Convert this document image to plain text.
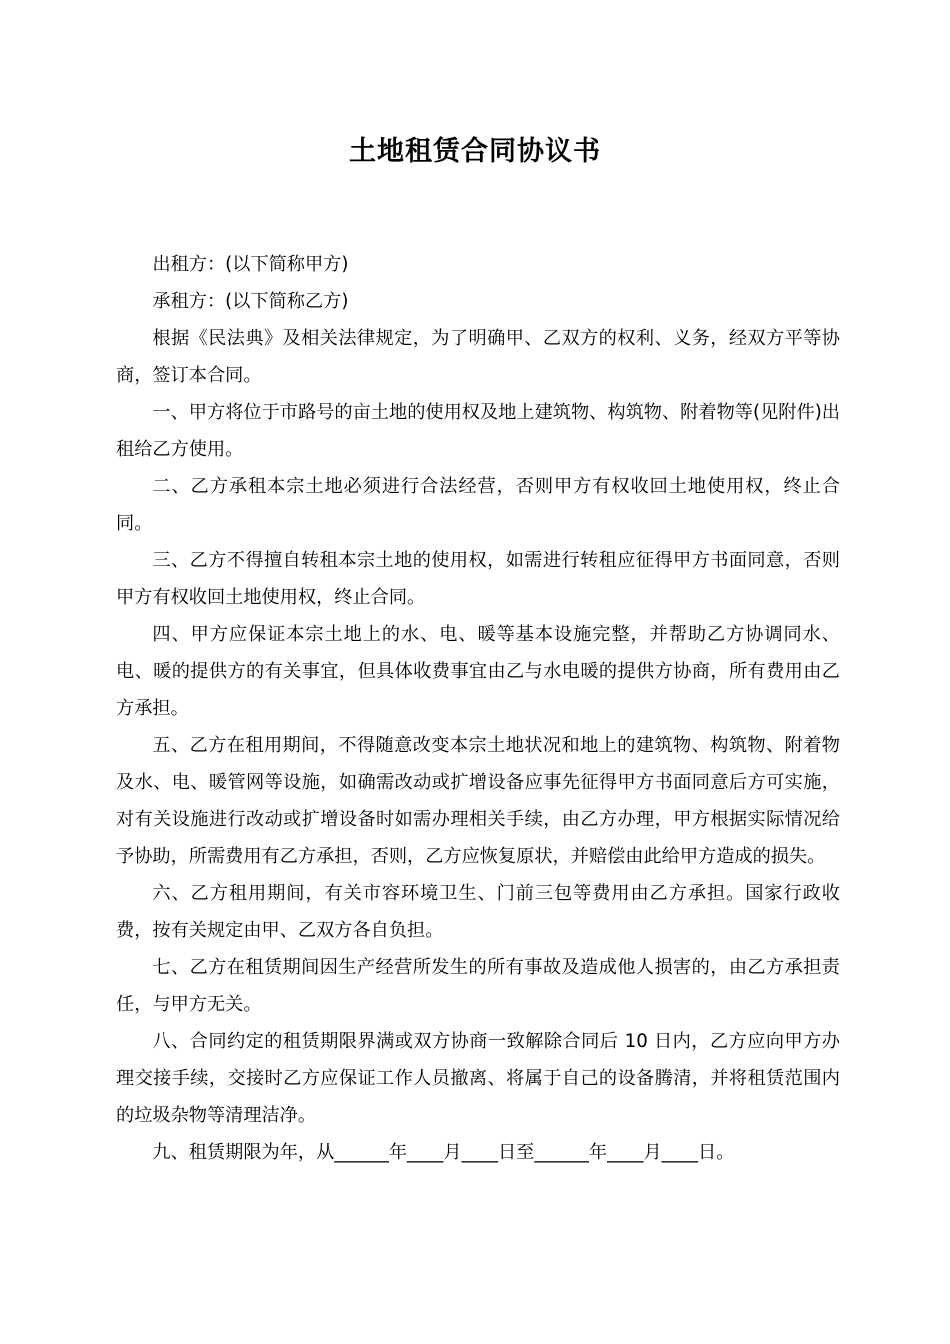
土地租赁合同协议书

出租方：(以下简称甲方)

承租方：(以下简称乙方)

根据《民法典》及相关法律规定，为了明确甲、乙双方的权利、义务，经双方平等协商，签订本合同。

一、甲方将位于市路号的亩土地的使用权及地上建筑物、构筑物、附着物等(见附件)出租给乙方使用。

二、乙方承租本宗土地必须进行合法经营，否则甲方有权收回土地使用权，终止合同。

三、乙方不得擅自转租本宗土地的使用权，如需进行转租应征得甲方书面同意，否则甲方有权收回土地使用权，终止合同。

四、甲方应保证本宗土地上的水、电、暖等基本设施完整，并帮助乙方协调同水、电、暖的提供方的有关事宜，但具体收费事宜由乙与水电暖的提供方协商，所有费用由乙方承担。

五、乙方在租用期间，不得随意改变本宗土地状况和地上的建筑物、构筑物、附着物及水、电、暖管网等设施，如确需改动或扩增设备应事先征得甲方书面同意后方可实施，对有关设施进行改动或扩增设备时如需办理相关手续，由乙方办理，甲方根据实际情况给予协助，所需费用有乙方承担，否则，乙方应恢复原状，并赔偿由此给甲方造成的损失。

六、乙方租用期间，有关市容环境卫生、门前三包等费用由乙方承担。国家行政收费，按有关规定由甲、乙双方各自负担。

七、乙方在租赁期间因生产经营所发生的所有事故及造成他人损害的，由乙方承担责任，与甲方无关。

八、合同约定的租赁期限界满或双方协商一致解除合同后 10 日内，乙方应向甲方办理交接手续，交接时乙方应保证工作人员撤离、将属于自己的设备腾清，并将租赁范围内的垃圾杂物等清理洁净。

九、租赁期限为年，从______年____月____日至______年____月____日。
